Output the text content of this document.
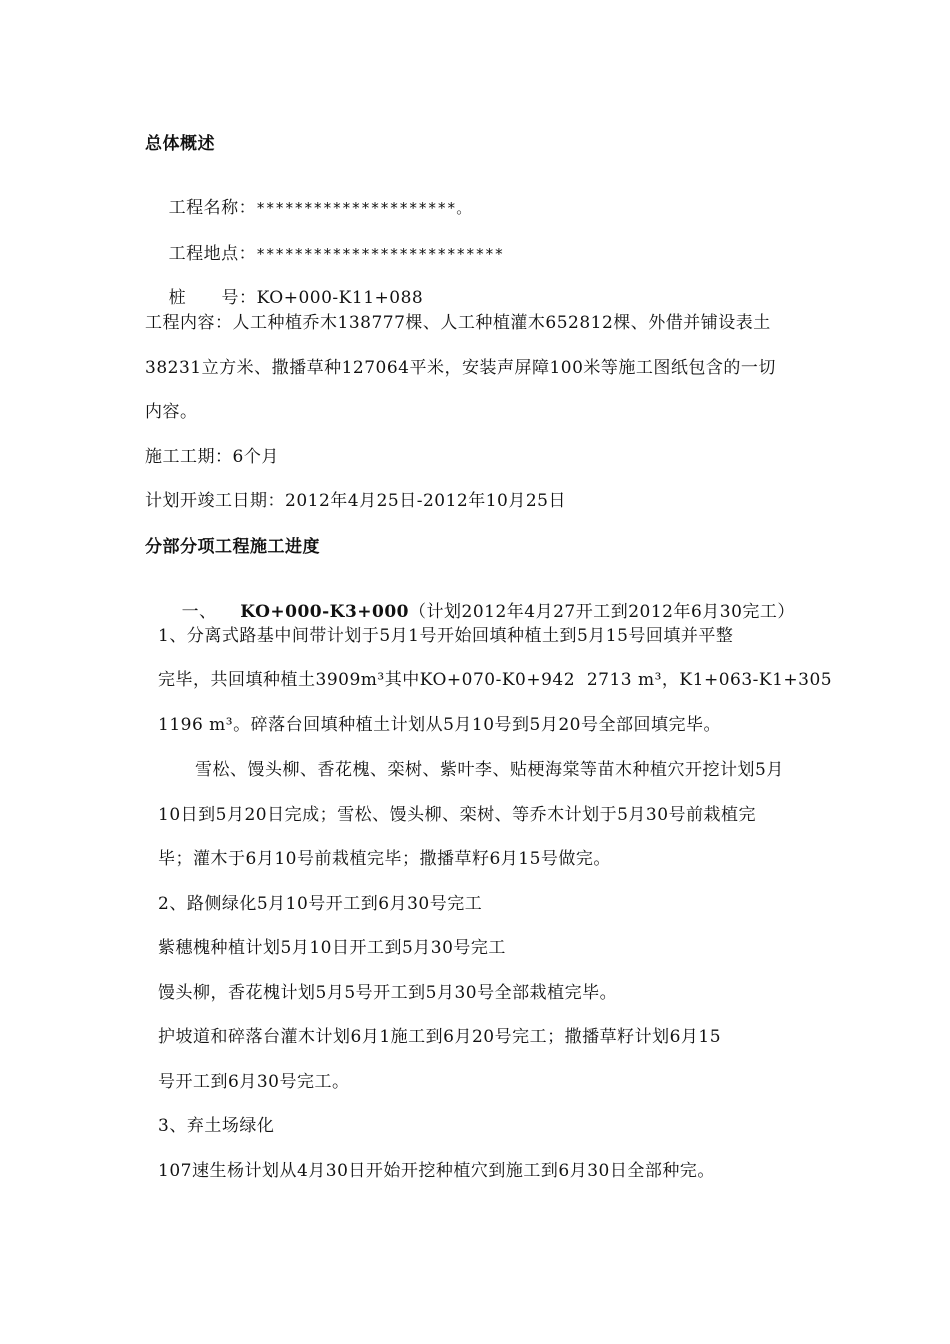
总体概述

工程名称：*********************。

工程地点：**************************

桩      号：KO+000-K11+088

工程内容：人工种植乔木138777棵、人工种植灌木652812棵、外借并铺设表土
38231立方米、撒播草种127064平米，安装声屏障100米等施工图纸包含的一切
内容。
施工工期：6个月
计划开竣工日期：2012年4月25日-2012年10月25日
分部分项工程施工进度

一、 KO+000-K3+000（计划2012年4月27开工到2012年6月30完工）

1、分离式路基中间带计划于5月1号开始回填种植土到5月15号回填并平整
完毕，共回填种植土3909m³其中KO+070-K0+942  2713 m³，K1+063-K1+305
1196 m³。碎落台回填种植土计划从5月10号到5月20号全部回填完毕。
雪松、馒头柳、香花槐、栾树、紫叶李、贴梗海棠等苗木种植穴开挖计划5月
10日到5月20日完成；雪松、馒头柳、栾树、等乔木计划于5月30号前栽植完
毕；灌木于6月10号前栽植完毕；撒播草籽6月15号做完。
2、路侧绿化5月10号开工到6月30号完工
紫穗槐种植计划5月10日开工到5月30号完工
馒头柳，香花槐计划5月5号开工到5月30号全部栽植完毕。
护坡道和碎落台灌木计划6月1施工到6月20号完工；撒播草籽计划6月15
号开工到6月30号完工。
3、弃土场绿化
107速生杨计划从4月30日开始开挖种植穴到施工到6月30日全部种完。
